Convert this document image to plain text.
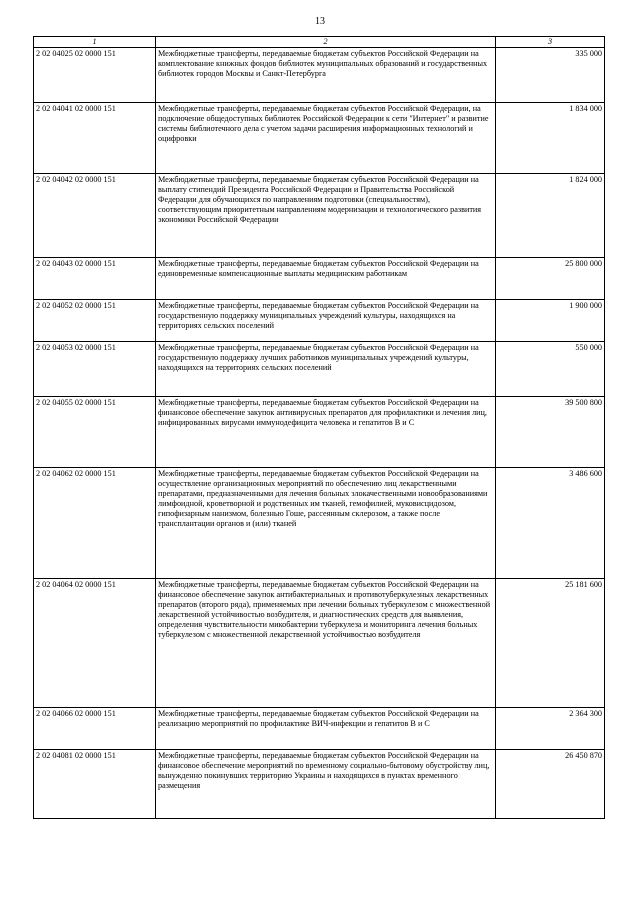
13
1	2	3
2 02 04025 02 0000 151	Межбюджетные трансферты, передаваемые бюджетам субъектов Российской Федерации на комплектование книжных фондов библиотек муниципальных образований и государственных библиотек городов Москвы и Санкт-Петербурга	335 000
2 02 04041 02 0000 151	Межбюджетные трансферты, передаваемые бюджетам субъектов Российской Федерации, на подключение общедоступных библиотек Российской Федерации к сети "Интернет" и развитие системы библиотечного дела с учетом задачи расширения информационных технологий и оцифровки	1 834 000
2 02 04042 02 0000 151	Межбюджетные трансферты, передаваемые бюджетам субъектов Российской Федерации на выплату стипендий Президента Российской Федерации и Правительства Российской Федерации для обучающихся по направлениям подготовки (специальностям), соответствующим приоритетным направлениям модернизации и технологического развития экономики Российской Федерации	1 824 000
2 02 04043 02 0000 151	Межбюджетные трансферты, передаваемые бюджетам субъектов Российской Федерации на единовременные компенсационные выплаты медицинским работникам	25 800 000
2 02 04052 02 0000 151	Межбюджетные трансферты, передаваемые бюджетам субъектов Российской Федерации на государственную поддержку муниципальных учреждений культуры, находящихся на территориях сельских поселений	1 900 000
2 02 04053 02 0000 151	Межбюджетные трансферты, передаваемые бюджетам субъектов Российской Федерации на государственную поддержку лучших работников муниципальных учреждений культуры, находящихся на территориях сельских поселений	550 000
2 02 04055 02 0000 151	Межбюджетные трансферты, передаваемые бюджетам субъектов Российской Федерации на финансовое обеспечение закупок антивирусных препаратов для профилактики и лечения лиц, инфицированных вирусами иммунодефицита человека и гепатитов В и С	39 500 800
2 02 04062 02 0000 151	Межбюджетные трансферты, передаваемые бюджетам субъектов Российской Федерации на осуществление организационных мероприятий по обеспечению лиц лекарственными препаратами, предназначенными для лечения больных злокачественными новообразованиями лимфоидной, кроветворной и родственных им тканей, гемофилией, муковисцидозом, гипофизарным нанизмом, болезнью Гоше, рассеянным склерозом, а также после трансплантации органов и (или) тканей	3 486 600
2 02 04064 02 0000 151	Межбюджетные трансферты, передаваемые бюджетам субъектов Российской Федерации на финансовое обеспечение закупок антибактериальных и противотуберкулезных лекарственных препаратов (второго ряда), применяемых при лечении больных туберкулезом с множественной лекарственной устойчивостью возбудителя, и диагностических средств для выявления, определения чувствительности микобактерии туберкулеза и мониторинга лечения больных туберкулезом с множественной лекарственной устойчивостью возбудителя	25 181 600
2 02 04066 02 0000 151	Межбюджетные трансферты, передаваемые бюджетам субъектов Российской Федерации на реализацию мероприятий по профилактике ВИЧ-инфекции и гепатитов В и С	2 364 300
2 02 04081 02 0000 151	Межбюджетные трансферты, передаваемые бюджетам субъектов Российской Федерации на финансовое обеспечение мероприятий по временному социально-бытовому обустройству лиц, вынужденно покинувших территорию Украины и находящихся в пунктах временного размещения	26 450 870
